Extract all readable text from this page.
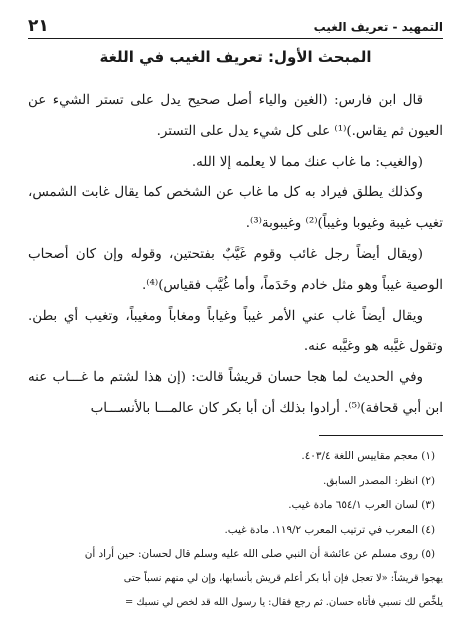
التمهيد - تعريف الغيب
٢١
المبحث الأول: تعريف الغيب في اللغة

قال ابن فارس: (الغين والياء أصل صحيح يدل على تستر الشيء عن العيون ثم يقاس.)⁽¹⁾ على كل شيء يدل على التستر.

(والغيب: ما غاب عنك مما لا يعلمه إلا الله.

وكذلك يطلق فيراد به كل ما غاب عن الشخص كما يقال غابت الشمس، تغيب غيبة وغيوبا وغيباً)⁽²⁾ وغيبوبة⁽³⁾.

(ويقال أيضاً رجل غائب وقوم غَيَّبٌ بفتحتين، وقوله وإن كان أصحاب الوصية غيباً وهو مثل خادم وخَدَماً، وأما غُيَّب فقياس)⁽⁴⁾.

ويقال أيضاً غاب عني الأمر غيباً وغياباً ومغاباً ومغيباً، وتغيب أي بطن. وتقول غيَّبه هو وغيَّبه عنه.

وفي الحديث لما هجا حسان قريشاً قالت: (إن هذا لشتم ما غـــاب عنه ابن أبي قحافة)⁽⁵⁾. أرادوا بذلك أن أبا بكر كان عالمـــا بالأنســـاب

(١) معجم مقاييس اللغة ٤٠٣/٤.

(٢) انظر: المصدر السابق.

(٣) لسان العرب ٦٥٤/١ مادة غيب.

(٤) المعرب في ترتيب المعرب ١١٩/٢. مادة غيب.

(٥) روى مسلم عن عائشة أن النبي صلى الله عليه وسلم قال لحسان: حين أراد أن

يهجوا قريشاً: «لا تعجل فإن أبا بكر أعلم قريش بأنسابها، وإن لي منهم نسباً حتى

يلخِّص لك نسبي فأتاه حسان. ثم رجع فقال: يا رسول الله قد لخص لي نسبك =
